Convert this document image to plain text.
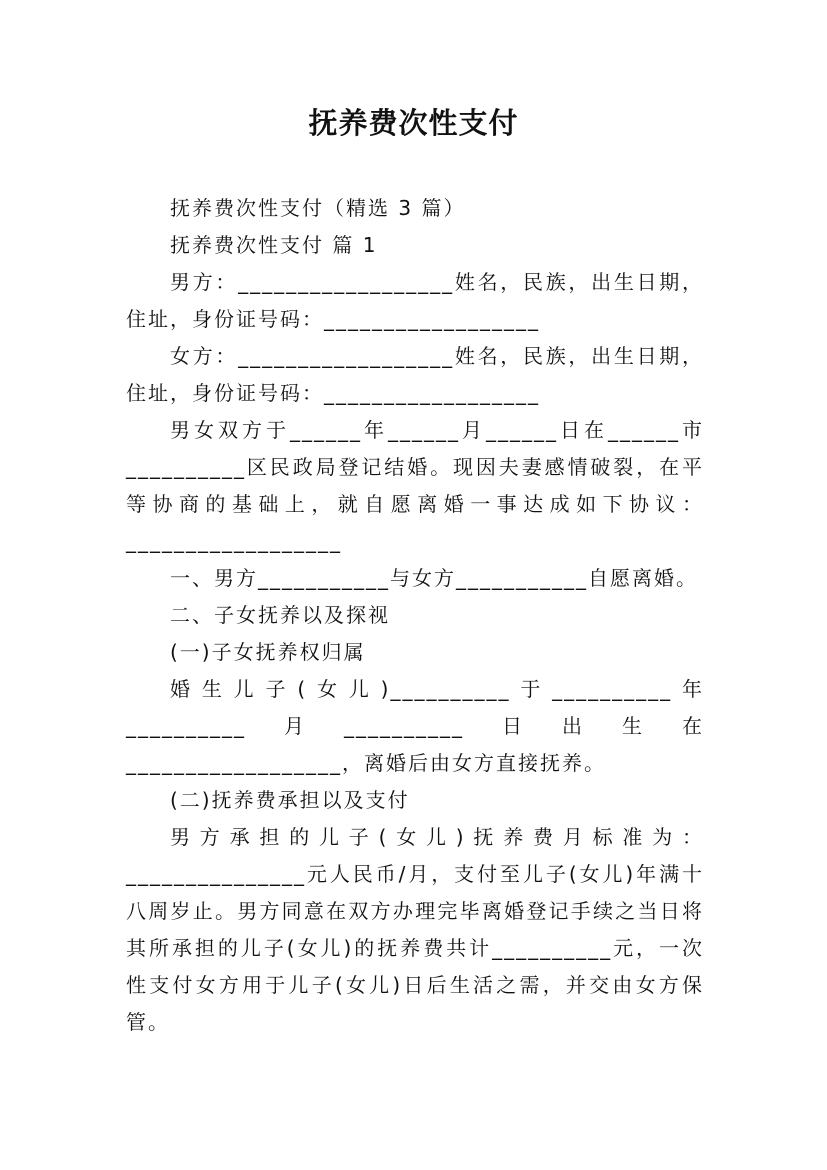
抚养费次性支付

抚养费次性支付（精选 3 篇）

抚养费次性支付 篇 1

男方：__________________姓名，民族，出生日期，住址，身份证号码：__________________

女方：__________________姓名，民族，出生日期，住址，身份证号码：__________________

男女双方于______年______月______日在______市__________区民政局登记结婚。现因夫妻感情破裂，在平等协商的基础上，就自愿离婚一事达成如下协议：__________________

一、男方___________与女方___________自愿离婚。

二、子女抚养以及探视

(一)子女抚养权归属

婚生儿子(女儿)__________于__________年__________月__________日出生在__________________，离婚后由女方直接抚养。

(二)抚养费承担以及支付

男方承担的儿子(女儿)抚养费月标准为：_______________元人民币/月，支付至儿子(女儿)年满十八周岁止。男方同意在双方办理完毕离婚登记手续之当日将其所承担的儿子(女儿)的抚养费共计__________元，一次性支付女方用于儿子(女儿)日后生活之需，并交由女方保管。
